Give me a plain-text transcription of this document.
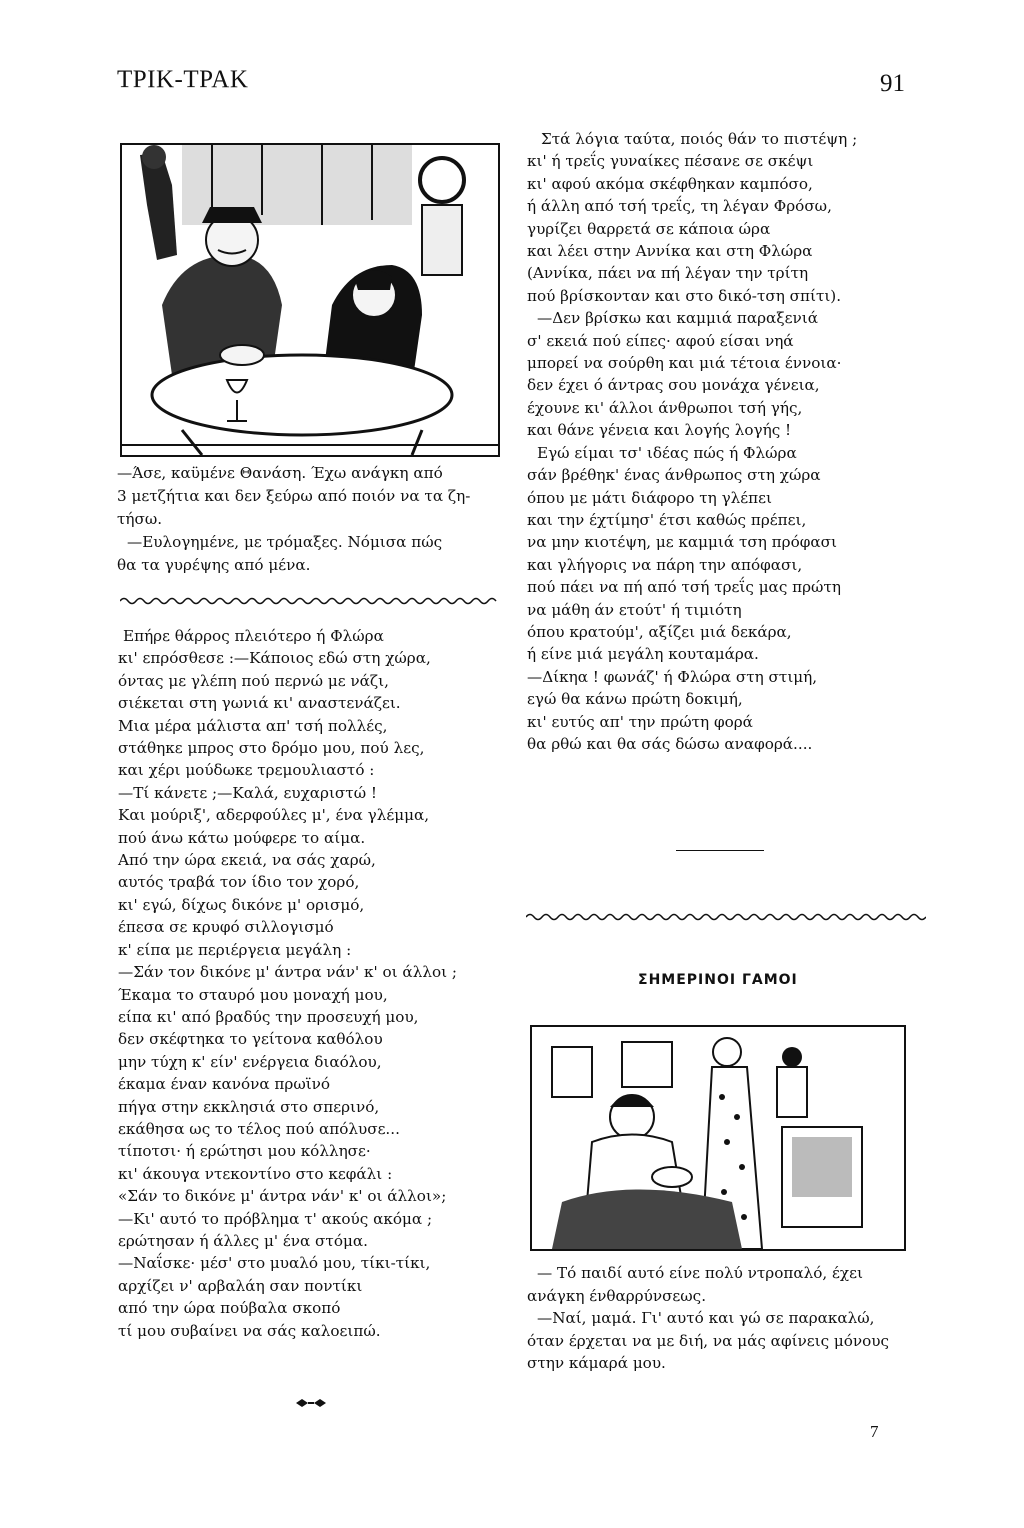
ΤΡΙΚ-ΤΡΑΚ	91
—Άσε, καϋμένε Θανάση. Έχω ανάγκη από
3 μετζήτια και δεν ξεύρω από ποιόν να τα ζη-
τήσω.
—Ευλογημένε, με τρόμαξες. Νόμισα πώς
θα τα γυρέψης από μένα.
Επήρε θάρρος πλειότερο ή Φλώρα
κι' επρόσθεσε :—Κάποιος εδώ στη χώρα,
όντας με γλέπη πού περνώ με νάζι,
σιέκεται στη γωνιά κι' αναστενάζει.
Μια μέρα μάλιστα απ' τσή πολλές,
στάθηκε μπρος στο δρόμο μου, πού λες,
και χέρι μούδωκε τρεμουλιαστό :
—Τί κάνετε ;—Καλά, ευχαριστώ !
Και μούριξ', αδερφούλες μ', ένα γλέμμα,
πού άνω κάτω μούφερε το αίμα.
Από την ώρα εκειά, να σάς χαρώ,
αυτός τραβά τον ίδιο τον χορό,
κι' εγώ, δίχως δικόνε μ' ορισμό,
έπεσα σε κρυφό σιλλογισμό
κ' είπα με περιέργεια μεγάλη :
—Σάν τον δικόνε μ' άντρα νάν' κ' οι άλλοι ;
Έκαμα το σταυρό μου μοναχή μου,
είπα κι' από βραδύς την προσευχή μου,
δεν σκέφτηκα το γείτονα καθόλου
μην τύχη κ' είν' ενέργεια διαόλου,
έκαμα έναν κανόνα πρωϊνό
πήγα στην εκκλησιά στο σπερινό,
εκάθησα ως το τέλος πού απόλυσε...
τίποτσι· ή ερώτησι μου κόλλησε·
κι' άκουγα ντεκοντίνο στο κεφάλι :
«Σάν το δικόνε μ' άντρα νάν' κ' οι άλλοι»;
—Κι' αυτό το πρόβλημα τ' ακούς ακόμα ;
ερώτησαν ή άλλες μ' ένα στόμα.
—Ναΐσκε· μέσ' στο μυαλό μου, τίκι-τίκι,
αρχίζει ν' αρβαλάη σαν ποντίκι
από την ώρα πούβαλα σκοπό
τί μου συβαίνει να σάς καλοειπώ.
Στά λόγια ταύτα, ποιός θάν το πιστέψη ;
κι' ή τρεΐς γυναίκες πέσανε σε σκέψι
κι' αφού ακόμα σκέφθηκαν καμπόσο,
ή άλλη από τσή τρεΐς, τη λέγαν Φρόσω,
γυρίζει θαρρετά σε κάποια ώρα
και λέει στην Αννίκα και στη Φλώρα
(Αννίκα, πάει να πή λέγαν την τρίτη
πού βρίσκονταν και στο δικό-τση σπίτι).
—Δεν βρίσκω και καμμιά παραξενιά
σ' εκειά πού είπες· αφού είσαι νηά
μπορεί να σούρθη και μιά τέτοια έννοια·
δεν έχει ό άντρας σου μονάχα γένεια,
έχουνε κι' άλλοι άνθρωποι τσή γής,
και θάνε γένεια και λογής λογής !
Εγώ είμαι τσ' ιδέας πώς ή Φλώρα
σάν βρέθηκ' ένας άνθρωπος στη χώρα
όπου με μάτι διάφορο τη γλέπει
και την έχτίμησ' έτσι καθώς πρέπει,
να μην κιοτέψη, με καμμιά τση πρόφασι
και γλήγορις να πάρη την απόφασι,
πού πάει να πή από τσή τρεΐς μας πρώτη
να μάθη άν ετούτ' ή τιμιότη
όπου κρατούμ', αξίζει μιά δεκάρα,
ή είνε μιά μεγάλη κουταμάρα.
—Δίκηα ! φωνάζ' ή Φλώρα στη στιμή,
εγώ θα κάνω πρώτη δοκιμή,
κι' ευτύς απ' την πρώτη φορά
θα ρθώ και θα σάς δώσω αναφορά....
ΣΗΜΕΡΙΝΟΙ ΓΑΜΟΙ
— Τό παιδί αυτό είνε πολύ ντροπαλό, έχει
ανάγκη ένθαρρύνσεως.
—Ναί, μαμά. Γι' αυτό και γώ σε παρακαλώ,
όταν έρχεται να με διή, να μάς αφίνεις μόνους
στην κάμαρά μου.
7
